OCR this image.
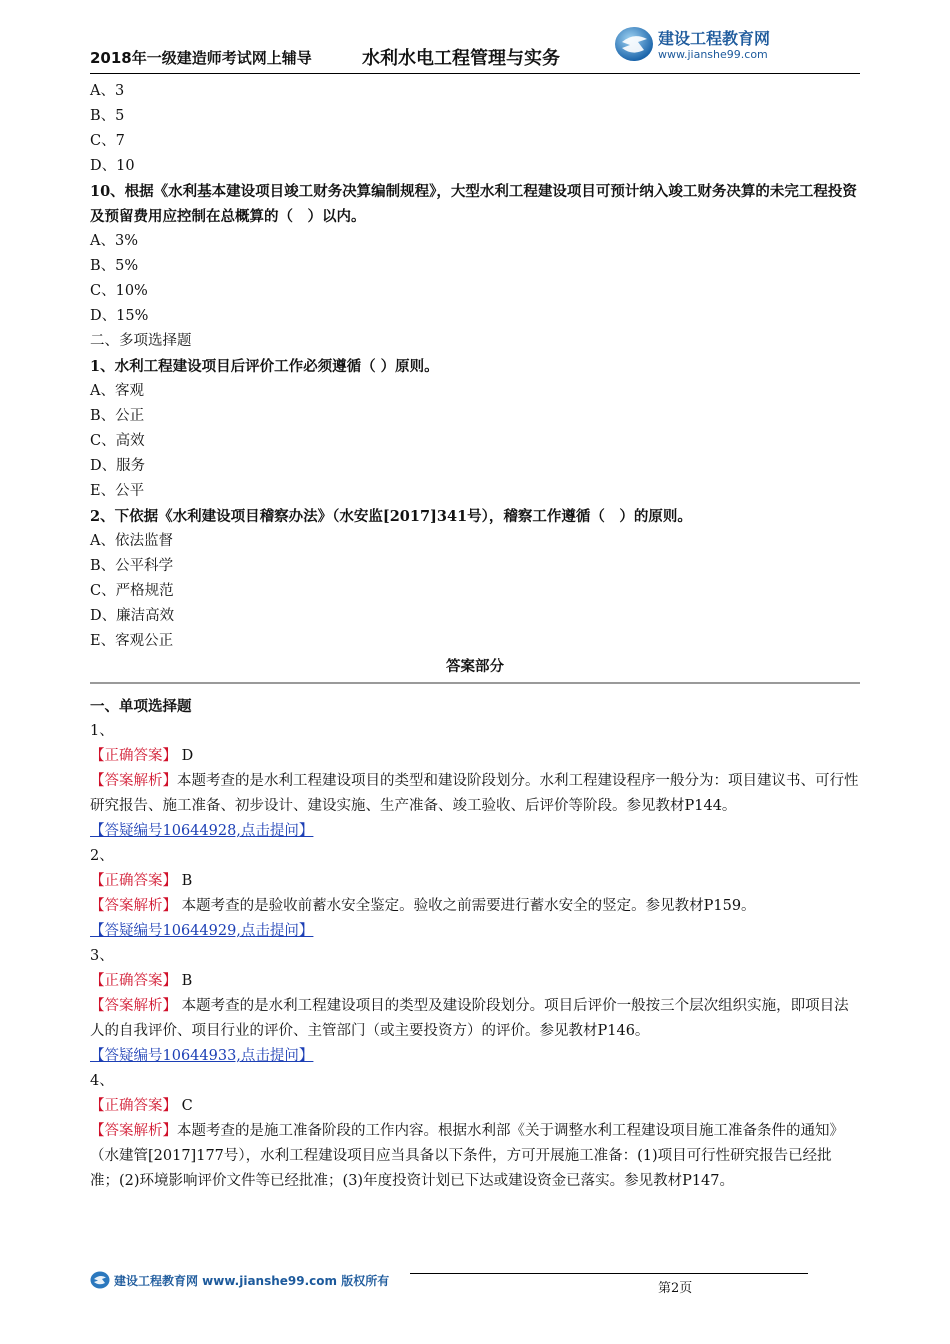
2018年一级建造师考试网上辅导	水利水电工程管理与实务
建设工程教育网
www.jianshe99.com
A、3
B、5
C、7
D、10
10、根据《水利基本建设项目竣工财务决算编制规程》，大型水利工程建设项目可预计纳入竣工财务决算的未完工程投资及预留费用应控制在总概算的（　）以内。
A、3%
B、5%
C、10%
D、15%
二、多项选择题
1、水利工程建设项目后评价工作必须遵循（ ）原则。
A、客观
B、公正
C、高效
D、服务
E、公平
2、下依据《水利建设项目稽察办法》（水安监[2017]341号），稽察工作遵循（　）的原则。
A、依法监督
B、公平科学
C、严格规范
D、廉洁高效
E、客观公正
答案部分
一、单项选择题
1、
【正确答案】 D
【答案解析】本题考查的是水利工程建设项目的类型和建设阶段划分。水利工程建设程序一般分为：项目建议书、可行性研究报告、施工准备、初步设计、建设实施、生产准备、竣工验收、后评价等阶段。参见教材P144。
【答疑编号10644928,点击提问】
2、
【正确答案】 B
【答案解析】 本题考查的是验收前蓄水安全鉴定。验收之前需要进行蓄水安全的竖定。参见教材P159。
【答疑编号10644929,点击提问】
3、
【正确答案】 B
【答案解析】 本题考查的是水利工程建设项目的类型及建设阶段划分。项目后评价一般按三个层次组织实施，即项目法人的自我评价、项目行业的评价、主管部门（或主要投资方）的评价。参见教材P146。
【答疑编号10644933,点击提问】
4、
【正确答案】 C
【答案解析】本题考查的是施工准备阶段的工作内容。根据水利部《关于调整水利工程建设项目施工准备条件的通知》（水建管[2017]177号），水利工程建设项目应当具备以下条件，方可开展施工准备：(1)项目可行性研究报告已经批准；(2)环境影响评价文件等已经批准；(3)年度投资计划已下达或建设资金已落实。参见教材P147。
建设工程教育网 www.jianshe99.com 版权所有	第2页
